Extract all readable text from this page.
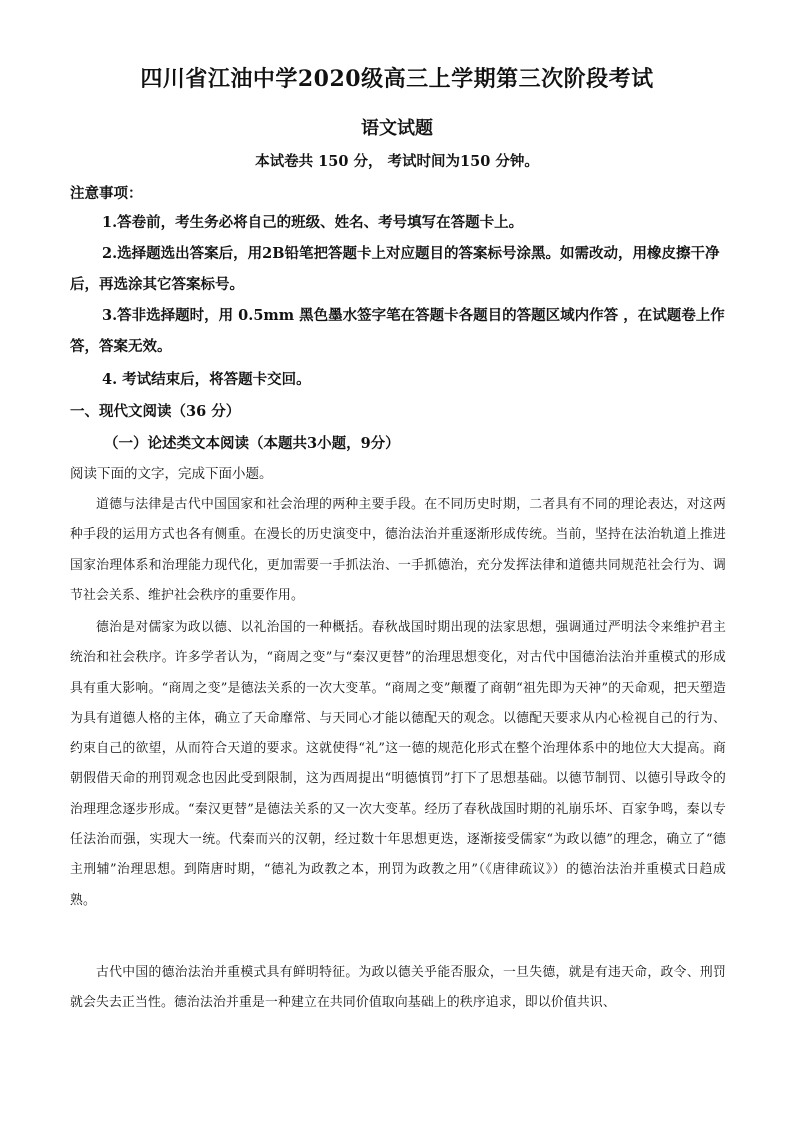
四川省江油中学2020级高三上学期第三次阶段考试
语文试题
本试卷共 150 分， 考试时间为150 分钟。
注意事项：
1.答卷前，考生务必将自己的班级、姓名、考号填写在答题卡上。
2.选择题选出答案后，用2B铅笔把答题卡上对应题目的答案标号涂黑。如需改动，用橡皮擦干净后，再选涂其它答案标号。
3.答非选择题时，用 0.5mm 黑色墨水签字笔在答题卡各题目的答题区域内作答 ，在试题卷上作答，答案无效。
4. 考试结束后，将答题卡交回。
一、现代文阅读（36 分）
（一）论述类文本阅读（本题共3小题，9分）
阅读下面的文字，完成下面小题。
道德与法律是古代中国国家和社会治理的两种主要手段。在不同历史时期，二者具有不同的理论表达，对这两种手段的运用方式也各有侧重。在漫长的历史演变中，德治法治并重逐渐形成传统。当前，坚持在法治轨道上推进国家治理体系和治理能力现代化，更加需要一手抓法治、一手抓德治，充分发挥法律和道德共同规范社会行为、调节社会关系、维护社会秩序的重要作用。
德治是对儒家为政以德、以礼治国的一种概括。春秋战国时期出现的法家思想，强调通过严明法令来维护君主统治和社会秩序。许多学者认为，“商周之变”与“秦汉更替”的治理思想变化，对古代中国德治法治并重模式的形成具有重大影响。“商周之变”是德法关系的一次大变革。“商周之变”颠覆了商朝“祖先即为天神”的天命观，把天塑造为具有道德人格的主体，确立了天命靡常、与天同心才能以德配天的观念。以德配天要求从内心检视自己的行为、约束自己的欲望，从而符合天道的要求。这就使得“礼”这一德的规范化形式在整个治理体系中的地位大大提高。商朝假借天命的刑罚观念也因此受到限制，这为西周提出“明德慎罚”打下了思想基础。以德节制罚、以德引导政令的治理理念逐步形成。“秦汉更替”是德法关系的又一次大变革。经历了春秋战国时期的礼崩乐坏、百家争鸣，秦以专任法治而强，实现大一统。代秦而兴的汉朝，经过数十年思想更迭，逐渐接受儒家“为政以德”的理念，确立了“德主刑辅”治理思想。到隋唐时期，“德礼为政教之本，刑罚为政教之用”（《唐律疏议》）的德治法治并重模式日趋成熟。
古代中国的德治法治并重模式具有鲜明特征。为政以德关乎能否服众，一旦失德，就是有违天命，政令、刑罚就会失去正当性。德治法治并重是一种建立在共同价值取向基础上的秩序追求，即以价值共识、
